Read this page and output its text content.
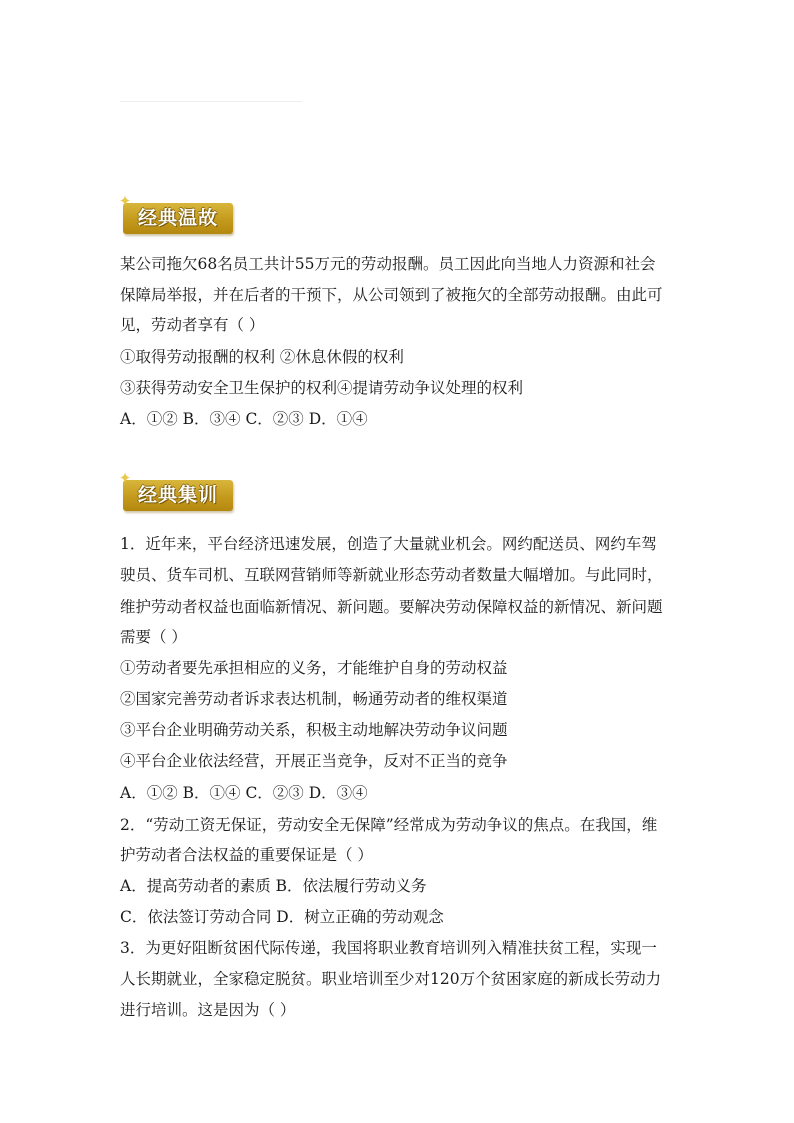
✦
经典温故
某公司拖欠68名员工共计55万元的劳动报酬。员工因此向当地人力资源和社会
保障局举报，并在后者的干预下，从公司领到了被拖欠的全部劳动报酬。由此可
见，劳动者享有（ ）
①取得劳动报酬的权利 ②休息休假的权利
③获得劳动安全卫生保护的权利④提请劳动争议处理的权利
A．①② B．③④ C．②③ D．①④
✦
经典集训
1．近年来，平台经济迅速发展，创造了大量就业机会。网约配送员、网约车驾
驶员、货车司机、互联网营销师等新就业形态劳动者数量大幅增加。与此同时，
维护劳动者权益也面临新情况、新问题。要解决劳动保障权益的新情况、新问题
需要（ ）
①劳动者要先承担相应的义务，才能维护自身的劳动权益
②国家完善劳动者诉求表达机制，畅通劳动者的维权渠道
③平台企业明确劳动关系，积极主动地解决劳动争议问题
④平台企业依法经营，开展正当竞争，反对不正当的竞争
A．①② B．①④ C．②③ D．③④
2．“劳动工资无保证，劳动安全无保障”经常成为劳动争议的焦点。在我国，维
护劳动者合法权益的重要保证是（ ）
A．提高劳动者的素质 B．依法履行劳动义务
C．依法签订劳动合同 D．树立正确的劳动观念
3．为更好阻断贫困代际传递，我国将职业教育培训列入精准扶贫工程，实现一
人长期就业，全家稳定脱贫。职业培训至少对120万个贫困家庭的新成长劳动力
进行培训。这是因为（ ）
